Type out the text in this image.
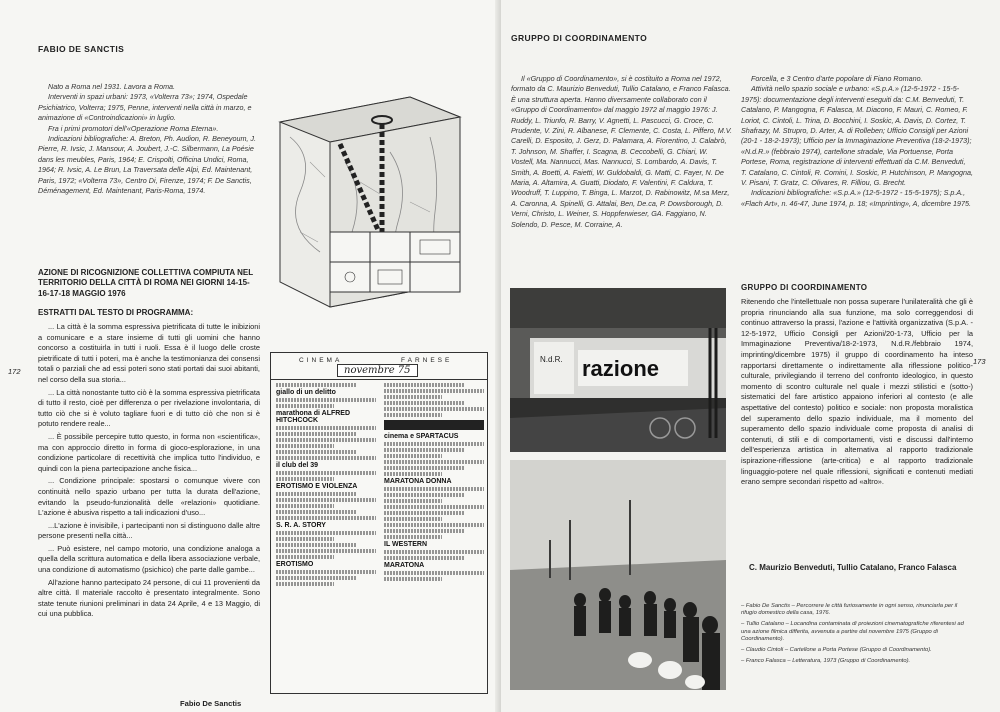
FABIO DE SANCTIS

Nato a Roma nel 1931. Lavora a Roma.

Interventi in spazi urbani: 1973, «Volterra 73»; 1974, Ospedale Psichiatrico, Volterra; 1975, Penne, interventi nella città in marzo, e animazione di «Controindicazioni» in luglio.

Fra i primi promotori dell'«Operazione Roma Eterna».

Indicazioni bibliografiche: A. Breton, Ph. Audion, R. Beneyoum, J. Pierre, R. Ivsic, J. Mansour, A. Joubert, J.-C. Silbermann, La Poésie dans les meubles, Paris, 1964; E. Crispolti, Officina Undici, Roma, 1964; R. Ivsic, A. Le Brun, La Traversata delle Alpi, Ed. Maintenant, Paris, 1972; «Volterra 73», Centro Di, Firenze, 1974; F. De Sanctis, Déménagement, Ed. Maintenant, Paris-Roma, 1974.

AZIONE DI RICOGNIZIONE COLLETTIVA COMPIUTA NEL TERRITORIO DELLA CITTÀ DI ROMA NEI GIORNI 14-15-16-17-18 MAGGIO 1976
ESTRATTI DAL TESTO DI PROGRAMMA:

... La città è la somma espressiva pietrificata di tutte le inibizioni a comunicare e a stare insieme di tutti gli uomini che hanno concorso a costituirla in tutti i ruoli. Essa è il luogo delle croste pietrificate di tutti i poteri, ma è anche la testimonianza dei consensi totali o parziali che ad essi poteri sono stati portati dai suoi abitanti, nel corso della sua storia...

... La città nonostante tutto ciò è la somma espressiva pietrificata di tutto il resto, cioè per differenza o per rivelazione involontaria, di tutto ciò che si è voluto tagliare fuori e di tutto ciò che non si è potuto rendere reale...

... È possibile percepire tutto questo, in forma non «scientifica», ma con approccio diretto in forma di gioco-esplorazione, in una condizione particolare di recettività che implica tutto l'individuo, e quindi con la piena partecipazione anche fisica...

... Condizione principale: spostarsi o comunque vivere con continuità nello spazio urbano per tutta la durata dell'azione, evitando la pseudo-funzionalità delle «relazioni» quotidiane. L'azione è abusiva rispetto a tali indicazioni d'uso...

...L'azione è invisibile, i partecipanti non si distinguono dalle altre persone presenti nella città...

... Può esistere, nel campo motorio, una condizione analoga a quella della scrittura automatica e della libera associazione verbale, una condizione di automatismo (psichico) che parte dalle gambe...

All'azione hanno partecipato 24 persone, di cui 11 provenienti da altre città. Il materiale raccolto è presentato integralmente. Sono state tenute riunioni preliminari in data 24 Aprile, 4 e 13 Maggio, di cui una pubblica.

Fabio De Sanctis
172
CINEMA	FARNESE
novembre 75
giallo di un delitto
marathona di ALFRED HITCHCOCK
il club del 39
EROTISMO E VIOLENZA
S. R. A. STORY
EROTISMO
cinema e SPARTACUS
MARATONA DONNA
IL WESTERN
MARATONA
GRUPPO DI COORDINAMENTO

Il «Gruppo di Coordinamento», si è costituito a Roma nel 1972, formato da C. Maurizio Benveduti, Tullio Catalano, e Franco Falasca. È una struttura aperta. Hanno diversamente collaborato con il «Gruppo di Coordinamento» dal maggio 1972 al maggio 1976: J. Ruddy, L. Triunfo, R. Barry, V. Agnetti, L. Pascucci, G. Croce, C. Prudente, V. Zini, R. Albanese, F. Clemente, C. Costa, L. Piffero, M.V. Carelli, D. Esposito, J. Gerz, D. Palamara, A. Fiorentino, J. Calabrò, T. Johnson, M. Shaffer, I. Scagna, B. Ceccobelli, G. Chiari, W. Vostell, Ma. Nannucci, Mas. Nannucci, S. Lombardo, A. Davis, T. Smith, A. Boetti, A. Faietti, W. Guldobaldi, G. Matti, C. Fayer, N. De Maria, A. Altamira, A. Guatti, Diodato, F. Valentini, F. Caldura, T. Woodruff, T. Luppino, T. Binga, L. Marzot, D. Rabinowitz, M.sa Merz, A. Caronna, A. Spinelli, G. Attalai, Ben, De.ca, P. Dowsborough, D. Verni, Christo, L. Weiner, S. Hoppferwieser, GA. Faggiano, N. Solendo, D. Pesce, M. Corraine, A.

Forcella, e 3 Centro d'arte popolare di Fiano Romano.

Attività nello spazio sociale e urbano: «S.p.A.» (12-5-1972 - 15-5-1975): documentazione degli interventi eseguiti da: C.M. Benveduti, T. Catalano, P. Mangogna, F. Falasca, M. Diacono, F. Mauri, C. Romeo, F. Loriot, C. Cintoli, L. Trina, D. Bocchini, I. Soskic, A. Davis, D. Cortez, T. Shafrazy, M. Strupro, D. Arter, A. di Rolleben; Ufficio Consigli per Azioni (20-1 - 18-2-1973); Ufficio per la Immaginazione Preventiva (18-2-1973); «N.d.R.» (febbraio 1974), cartellone stradale, Via Portuense, Porta Portese, Roma, registrazione di interventi effettuati da C.M. Benveduti, T. Catalano, C. Cintoli, R. Comini, I. Soskic, P. Hutchinson, P. Mangogna, V. Pisani, T. Gratz, C. Olivares, R. Filliou, G. Brecht.

Indicazioni bibliografiche: «S.p.A.» (12-5-1972 - 15-5-1975); S.p.A., «Flach Art», n. 46-47, June 1974, p. 18; «Imprinting», A, dicembre 1975.

N.d.R. razione
GRUPPO DI COORDINAMENTO

Ritenendo che l'intellettuale non possa superare l'unilateralità che gli è propria rinunciando alla sua funzione, ma solo correggendosi di continuo attraverso la prassi, l'azione e l'attività organizzativa (S.p.A. - 12-5-1972, Ufficio Consigli per Azioni/20-1-73, Ufficio per la Immaginazione Preventiva/18-2-1973, N.d.R./febbraio 1974, imprinting/dicembre 1975) il gruppo di coordinamento ha inteso rapportarsi direttamente o indirettamente alla riflessione politico-culturale, privilegiando il terreno del confronto ideologico, in questo momento di scontro culturale nel quale i mezzi stilistici e (sotto-) sistematici del fare artistico appaiono inferiori al contesto (e alle aspettative del contesto) politico e sociale: non proposta moralistica del superamento dello spazio individuale, ma il momento del superamento dello spazio individuale come proposta di analisi di contenuti, di stili e di comportamenti, visti e discussi dall'interno dell'esperienza artistica in alternativa al rapporto tradizionale ispirazione-riflessione (arte-critica) e al rapporto tradizionale linguaggio-potere nel quale riflessioni, significati e contenuti mediati erano sempre secondari rispetto ad «altro».

C. Maurizio Benveduti, Tullio Catalano, Franco Falasca

– Fabio De Sanctis – Percorrere le città furiosamente in ogni senso, rinunciarla per il rifugio domestico della casa, 1976.

– Tullio Catalano – Locandina contaminata di proiezioni cinematografiche riferentesi ad una azione filmica differita, avvenuta a partire dal novembre 1975 (Gruppo di Coordinamento).

– Claudio Cintoli – Cartellone a Porta Portese (Gruppo di Coordinamento).

– Franco Falasca – Letteratura, 1973 (Gruppo di Coordinamento).

173
